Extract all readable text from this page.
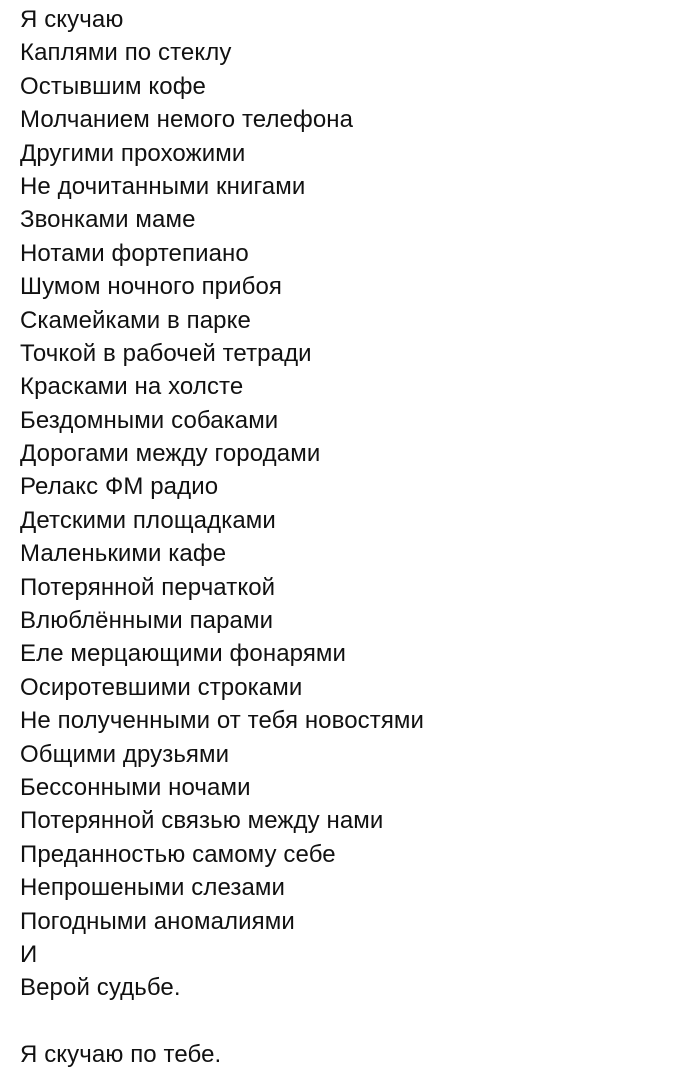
Я скучаю
Каплями по стеклу
Остывшим кофе
Молчанием немого телефона
Другими прохожими
Не дочитанными книгами
Звонками маме
Нотами фортепиано
Шумом ночного прибоя
Скамейками в парке
Точкой в рабочей тетради
Красками на холсте
Бездомными собаками
Дорогами между городами
Релакс ФМ радио
Детскими площадками
Маленькими кафе
Потерянной перчаткой
Влюблёнными парами
Еле мерцающими фонарями
Осиротевшими строками
Не полученными от тебя новостями
Общими друзьями
Бессонными ночами
Потерянной связью между нами
Преданностью самому себе
Непрошеными слезами
Погодными аномалиями
И
Верой судьбе.
Я скучаю по тебе.
